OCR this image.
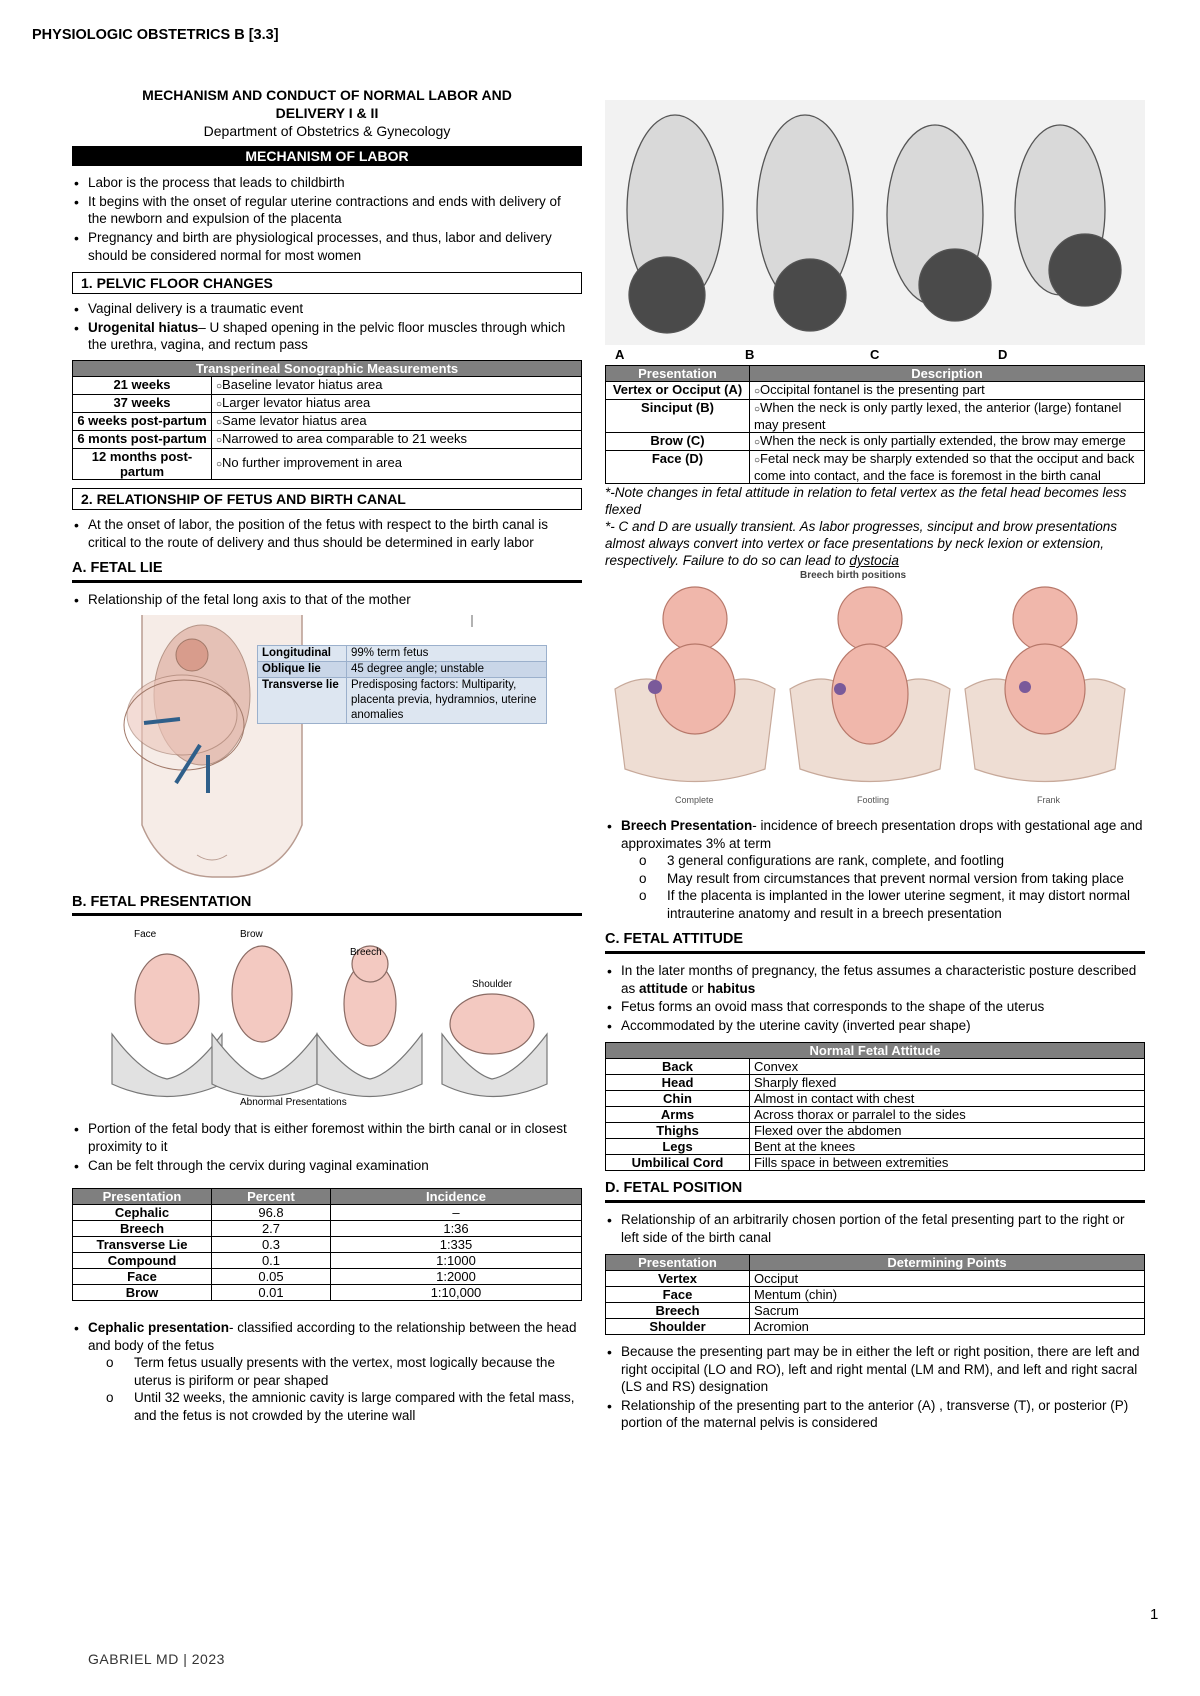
PHYSIOLOGIC OBSTETRICS B [3.3]
MECHANISM AND CONDUCT OF NORMAL LABOR AND
DELIVERY I & II
Department of Obstetrics & Gynecology
MECHANISM OF LABOR
• Labor is the process that leads to childbirth
• It begins with the onset of regular uterine contractions and ends with delivery of the newborn and expulsion of the placenta
• Pregnancy and birth are physiological processes, and thus, labor and delivery should be considered normal for most women
1. PELVIC FLOOR CHANGES
• Vaginal delivery is a traumatic event
• Urogenital hiatus– U shaped opening in the pelvic floor muscles through which the urethra, vagina, and rectum pass
Transperineal Sonographic Measurements	
21 weeks	○ Baseline levator hiatus area
37 weeks	○ Larger levator hiatus area
6 weeks post-partum	○ Same levator hiatus area
6 monts post-partum	○ Narrowed to area comparable to 21 weeks
12 months post-partum	○ No further improvement in area
2. RELATIONSHIP OF FETUS AND BIRTH CANAL
• At the onset of labor, the position of the fetus with respect to the birth canal is critical to the route of delivery and thus should be determined in early labor
A. FETAL LIE
• Relationship of the fetal long axis to that of the mother
Longitudinal	99% term fetus
Oblique lie	45 degree angle; unstable
Transverse lie	Predisposing factors: Multiparity, placenta previa, hydramnios, uterine anomalies
B. FETAL PRESENTATION
Face	Brow
Breech
Shoulder
Abnormal Presentations
• Portion of the fetal body that is either foremost within the birth canal or in closest proximity to it
• Can be felt through the cervix during vaginal examination
Presentation	Percent	Incidence
Cephalic	96.8	–
Breech	2.7	1:36
Transverse Lie	0.3	1:335
Compound	0.1	1:1000
Face	0.05	1:2000
Brow	0.01	1:10,000
• Cephalic presentation- classified according to the relationship between the head and body of the fetus
o Term fetus usually presents with the vertex, most logically because the uterus is piriform or pear shaped
o Until 32 weeks, the amnionic cavity is large compared with the fetal mass, and the fetus is not crowded by the uterine wall
A	B	C	D
Presentation	Description
Vertex or Occiput (A)	○ Occipital fontanel is the presenting part
Sinciput (B)	○ When the neck is only partly lexed, the anterior (large) fontanel may present
Brow (C)	○ When the neck is only partially extended, the brow may emerge
Face (D)	○ Fetal neck may be sharply extended so that the occiput and back come into contact, and the face is foremost in the birth canal
*-Note changes in fetal attitude in relation to fetal vertex as the fetal head becomes less flexed
*- C and D are usually transient. As labor progresses, sinciput and brow presentations almost always convert into vertex or face presentations by neck lexion or extension, respectively. Failure to do so can lead to dystocia
Breech birth positions
Complete	Footling	Frank
• Breech Presentation- incidence of breech presentation drops with gestational age and approximates 3% at term
o 3 general configurations are rank, complete, and footling
o May result from circumstances that prevent normal version from taking place
o If the placenta is implanted in the lower uterine segment, it may distort normal intrauterine anatomy and result in a breech presentation
C. FETAL ATTITUDE
• In the later months of pregnancy, the fetus assumes a characteristic posture described as attitude or habitus
• Fetus forms an ovoid mass that corresponds to the shape of the uterus
• Accommodated by the uterine cavity (inverted pear shape)
Normal Fetal Attitude	
Back	Convex
Head	Sharply flexed
Chin	Almost in contact with chest
Arms	Across thorax or parralel to the sides
Thighs	Flexed over the abdomen
Legs	Bent at the knees
Umbilical Cord	Fills space in between extremities
D. FETAL POSITION
• Relationship of an arbitrarily chosen portion of the fetal presenting part to the right or left side of the birth canal
Presentation	Determining Points
Vertex	Occiput
Face	Mentum (chin)
Breech	Sacrum
Shoulder	Acromion
• Because the presenting part may be in either the left or right position, there are left and right occipital (LO and RO), left and right mental (LM and RM), and left and right sacral (LS and RS) designation
• Relationship of the presenting part to the anterior (A) , transverse (T), or posterior (P) portion of the maternal pelvis is considered
1
GABRIEL MD | 2023
